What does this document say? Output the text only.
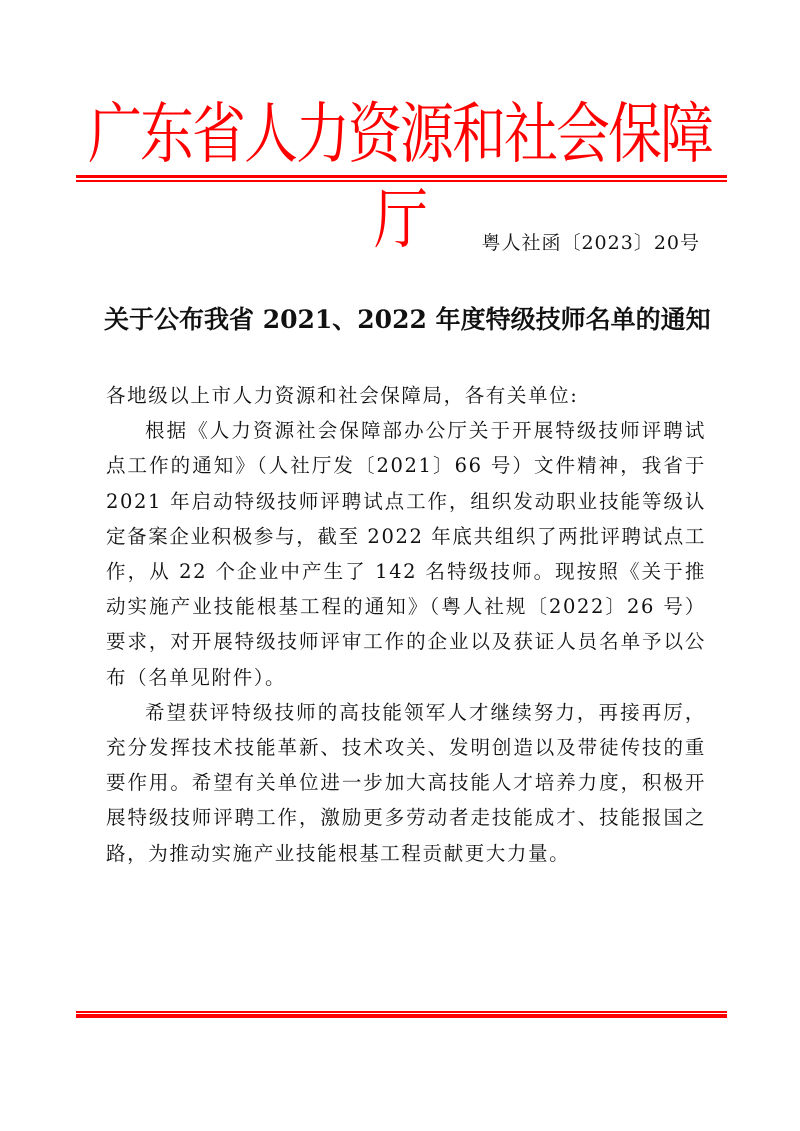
广东省人力资源和社会保障厅	粤人社函〔2023〕20号
关于公布我省 2021、2022 年度特级技师名单的通知

各地级以上市人力资源和社会保障局，各有关单位:

根据《人力资源社会保障部办公厅关于开展特级技师评聘试点工作的通知》（人社厅发〔2021〕66 号）文件精神，我省于 2021 年启动特级技师评聘试点工作，组织发动职业技能等级认定备案企业积极参与，截至 2022 年底共组织了两批评聘试点工作，从 22 个企业中产生了 142 名特级技师。现按照《关于推动实施产业技能根基工程的通知》（粤人社规〔2022〕26 号）要求，对开展特级技师评审工作的企业以及获证人员名单予以公布（名单见附件）。

希望获评特级技师的高技能领军人才继续努力，再接再厉，充分发挥技术技能革新、技术攻关、发明创造以及带徒传技的重要作用。希望有关单位进一步加大高技能人才培养力度，积极开展特级技师评聘工作，激励更多劳动者走技能成才、技能报国之路，为推动实施产业技能根基工程贡献更大力量。
